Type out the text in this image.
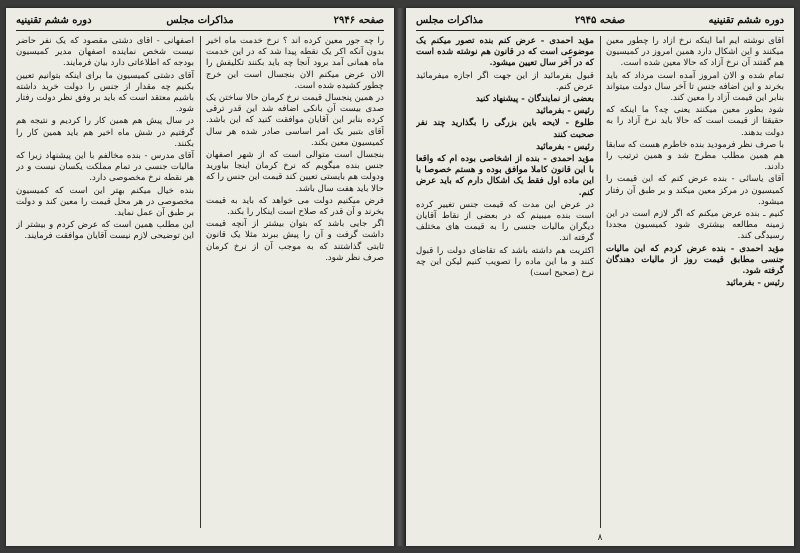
صفحه ۲۹۴۶
مذاکرات مجلس
دوره ششم تقنینیه

را چه جور معین کرده اند ؟ نرخ خدمت ماه اخیر بدون آنکه اکر یک نقطه پیدا شد که در این خدمت ماه همانی آمد برود آنجا چه باید بکنند تکلیفش را الان عرض میکنم الان بنجسال است این خرج چطور کشیده شده است.

در همین پنجسال قیمت نرخ کرمان حالا ساختن یک صدی بیست آن بانکی اضافه شد این قدر ترقی کرده بنابر این آقایان موافقت کنید که این باشد. آقای بتبیر یک امر اساسی صادر شده هر سال کمیسیون معین بکند.

بنجسال است متوالی است که از شهر اصفهان جنس بنده میگویم که نرخ کرمان اینجا بیاورید ودولت هم بایستی تعیین کند قیمت این جنس را که حالا باید هفت سال باشد.

فرض میکنیم دولت می خواهد که باید به قیمت بخرند و آن قدر که صلاح است اینکار را بکند.

اگر جایی باشد که بتوان بیشتر از آنچه قیمت داشت گرفت و آن را پیش ببرند مثلا یک قانون ثابتی گذاشتند که به موجب آن از نرخ کرمان صرف نظر شود.

اصفهانی - آقای دشتی مقصود که یک نفر حاضر نیست شخص نماینده اصفهان مدیر کمیسیون بودجه که اطلاعاتی دارد بیان فرمایند.

آقای دشتی کمیسیون ما برای اینکه بتوانیم تعیین بکنیم چه مقدار از جنس را دولت خرید داشته باشیم معتقد است که باید بر وفق نظر دولت رفتار شود.

در سال پیش هم همین کار را کردیم و نتیجه هم گرفتیم در شش ماه اخیر هم باید همین کار را بکنند.

آقای مدرس - بنده مخالفم با این پیشنهاد زیرا که مالیات جنسی در تمام مملکت یکسان نیست و در هر نقطه نرخ مخصوصی دارد.

بنده خیال میکنم بهتر این است که کمیسیون مخصوصی در هر محل قیمت را معین کند و دولت بر طبق آن عمل نماید.

این مطلب همین است که عرض کردم و بیشتر از این توضیحی لازم نیست آقایان موافقت فرمایند.

دوره ششم تقنینیه
صفحه ۲۹۴۵
مذاکرات مجلس

آقای نوشته ایم اما اینکه نرخ آزاد را چطور معین میکنند و این اشکال دارد همین امروز در کمیسیون هم گفتند آن نرخ آزاد که حالا معین شده است.

تمام شده و الان امروز آمده است مرداد که باید بخرند و این اضافه جنس تا آخر سال دولت میتواند بنابر این قیمت آزاد را معین کند.

شود بطور معین میکنند یعنی چه؟ ما اینکه که حقیقتا از قیمت است که حالا باید نرخ آزاد را به دولت بدهند.

با صرف نظر فرمودید بنده خاطرم هست که سابقا هم همین مطلب مطرح شد و همین ترتیب را دادند.

آقای یاسائی - بنده عرض کنم که این قیمت را کمیسیون در مرکز معین میکند و بر طبق آن رفتار میشود.

کنیم ـ بنده عرض میکنم که اگر لازم است در این زمینه مطالعه بیشتری شود کمیسیون مجددا رسیدگی کند.

مؤید احمدی - بنده عرض کردم که این مالیات جنسی مطابق قیمت روز از مالیات دهندگان گرفته شود.

رئیس - بفرمائید

مؤید احمدی - عرض کنم بنده تصور میکنم یک موضوعی است که در قانون هم نوشته شده است که در آخر سال تعیین میشود.

قبول بفرمائید از این جهت اگر اجازه میفرمائید عرض کنم.

بعضی از نمایندگان - پیشنهاد کنید

رئیس - بفرمائید

طلوع - لایحه باین بزرگی را بگذارید چند نفر صحبت کنند

رئیس - بفرمائید

مؤید احمدی - بنده از اشخاصی بوده ام که واقعا با این قانون کاملا موافق بوده و هستم خصوصا با این ماده اول فقط یک اشکال دارم که باید عرض کنم.

در عرض این مدت که قیمت جنس تغییر کرده است بنده میبینم که در بعضی از نقاط آقایان دیگران مالیات جنسی را به قیمت های مختلف گرفته اند.

اکثریت هم داشته باشد که تقاضای دولت را قبول کنند و ما این ماده را تصویب کنیم لیکن این چه نرخ (صحیح است)

۸
